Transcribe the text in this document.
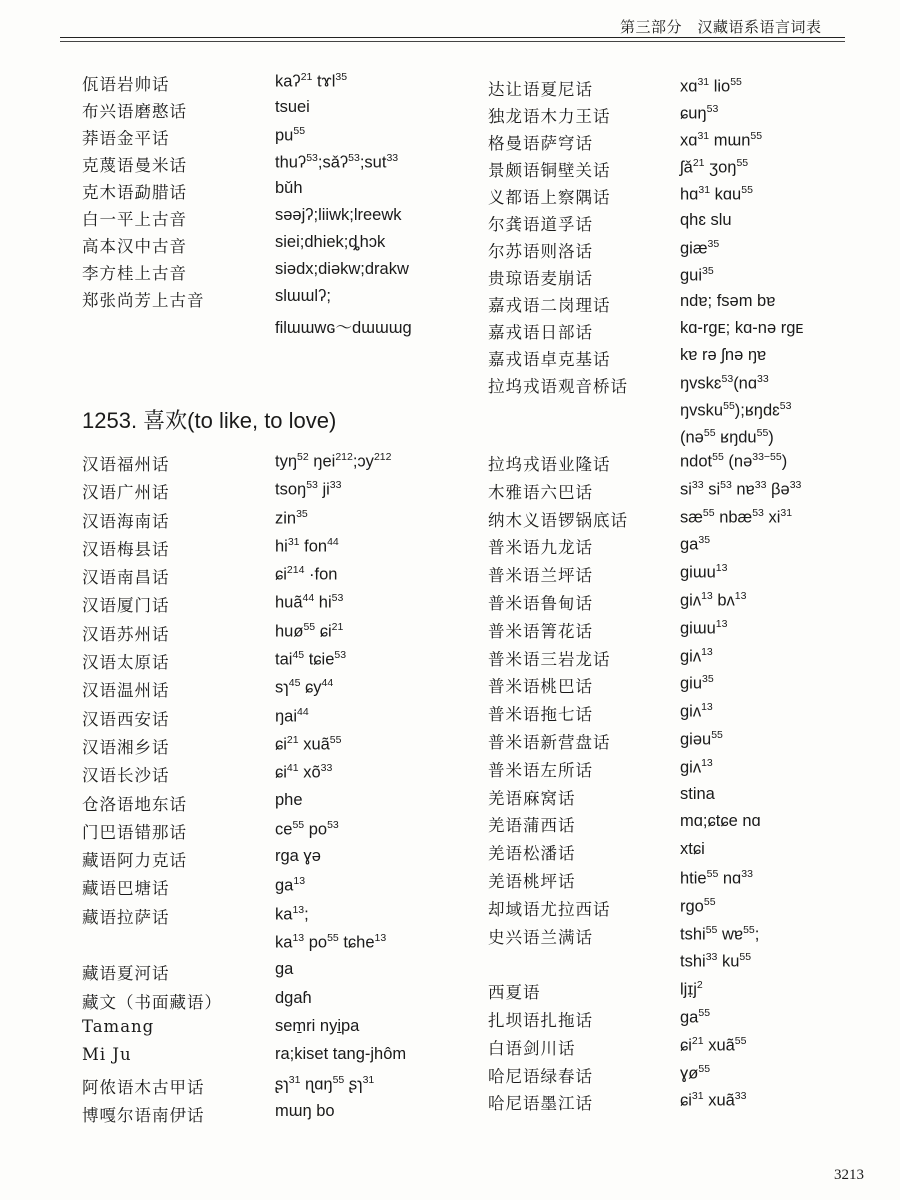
第三部分　汉藏语系语言词表
佤语岩帅话	kaʔ$^{21}$ tɤl$^{35}$
布兴语磨憨话	tsuei
莽语金平话	$pu^{55}$
克蔑语曼米话	thuʔ$^{53}$;sǎʔ$^{53}$;sut$^{33}$
克木语勐腊话	bǔh
白一平上古音	səəjʔ;liiwk;lreewk
高本汉中古音	siei;dhiek;ȡhɔk
李方桂上古音	siədx;diəkw;drakw
郑张尚芳上古音	slɯɯlʔ;
filɯɯwɢ～dɯɯɯg
达让语夏尼话	xɑ$^{31}$ lio$^{55}$
独龙语木力王话	ɕuŋ$^{53}$
格曼语萨穹话	xɑ$^{31}$ mɯn$^{55}$
景颇语铜壁关话	ʃǎ$^{21}$ ʒoŋ$^{55}$
义都语上察隅话	hɑ$^{31}$ kɑu$^{55}$
尔龚语道孚话	qhɛ slu
尔苏语则洛话	giæ$^{35}$
贵琼语麦崩话	gui$^{35}$
嘉戎语二岗理话	ndɐ; fsəm bɐ
嘉戎语日部话	kɑ-rgᴇ; kɑ-nə rgᴇ
嘉戎语卓克基话	kɐ rə ʃnə ŋɐ
拉坞戎语观音桥话	ŋvskɛ$^{53}$(nɑ$^{33}$
ŋvsku$^{55}$);ʁŋdɛ$^{53}$
(nə$^{55}$ ʁŋdu$^{55}$)
1253. 喜欢(to like, to love)
汉语福州话	tyŋ$^{52}$ ŋei$^{212}$;ɔy$^{212}$
汉语广州话	tsoŋ$^{53}$ $ji^{33}$
汉语海南话	zin$^{35}$
汉语梅县话	$hi^{31}$ fon$^{44}$
汉语南昌话	ɕi$^{214}$ ·fon
汉语厦门话	huã$^{44}$ $hi^{53}$
汉语苏州话	huø$^{55}$ ɕi$^{21}$
汉语太原话	tai$^{45}$ tɕie$^{53}$
汉语温州话	sɿ$^{45}$ ɕy$^{44}$
汉语西安话	ŋai$^{44}$
汉语湘乡话	ɕi$^{21}$ xuã$^{55}$
汉语长沙话	ɕi$^{41}$ $xõ^{33}$
仓洛语地东话	phe
门巴语错那话	$ce^{55}$ $po^{53}$
藏语阿力克话	rga ɣə
藏语巴塘话	$ga^{13}$
藏语拉萨话	$ka^{13}$;
$ka^{13}$ $po^{55}$ tɕhe$^{13}$
藏语夏河话	ga
藏文（书面藏语）	dgaɦ
Tamang	sem̱ri nyi̱pa
Mi Ju	ra;kiset tang-jhôm
阿侬语木古甲话	ʂɿ$^{31}$ ɳɑŋ$^{55}$ ʂɿ$^{31}$
博嘎尔语南伊话	mɯŋ bo
拉坞戎语业隆话	ndot$^{55}$ (nə$^{33-55}$)
木雅语六巴话	$si^{33}$ $si^{53}$ nɐ$^{33}$ βə$^{33}$
纳木义语锣锅底话	$sæ^{55}$ nbæ$^{53}$ $xi^{31}$
普米语九龙话	$ga^{35}$
普米语兰坪话	giɯu$^{13}$
普米语鲁甸话	giʌ$^{13}$ bʌ$^{13}$
普米语箐花话	giɯu$^{13}$
普米语三岩龙话	giʌ$^{13}$
普米语桃巴话	giu$^{35}$
普米语拖七话	giʌ$^{13}$
普米语新营盘话	giəu$^{55}$
普米语左所话	giʌ$^{13}$
羌语麻窝话	stina
羌语蒲西话	mɑ;ɕtɕe nɑ
羌语松潘话	xtɕi
羌语桃坪话	htie$^{55}$ nɑ$^{33}$
却域语尤拉西话	rgo$^{55}$
史兴语兰满话	tshi$^{55}$ wɐ$^{55}$;
tshi$^{33}$ $ku^{55}$
西夏语	$ljɪ̣j^2$
扎坝语扎拖话	$ga^{55}$
白语剑川话	ɕi$^{21}$ xuã$^{55}$
哈尼语绿春话	ɣø$^{55}$
哈尼语墨江话	ɕi$^{31}$ xuã$^{33}$
3213
